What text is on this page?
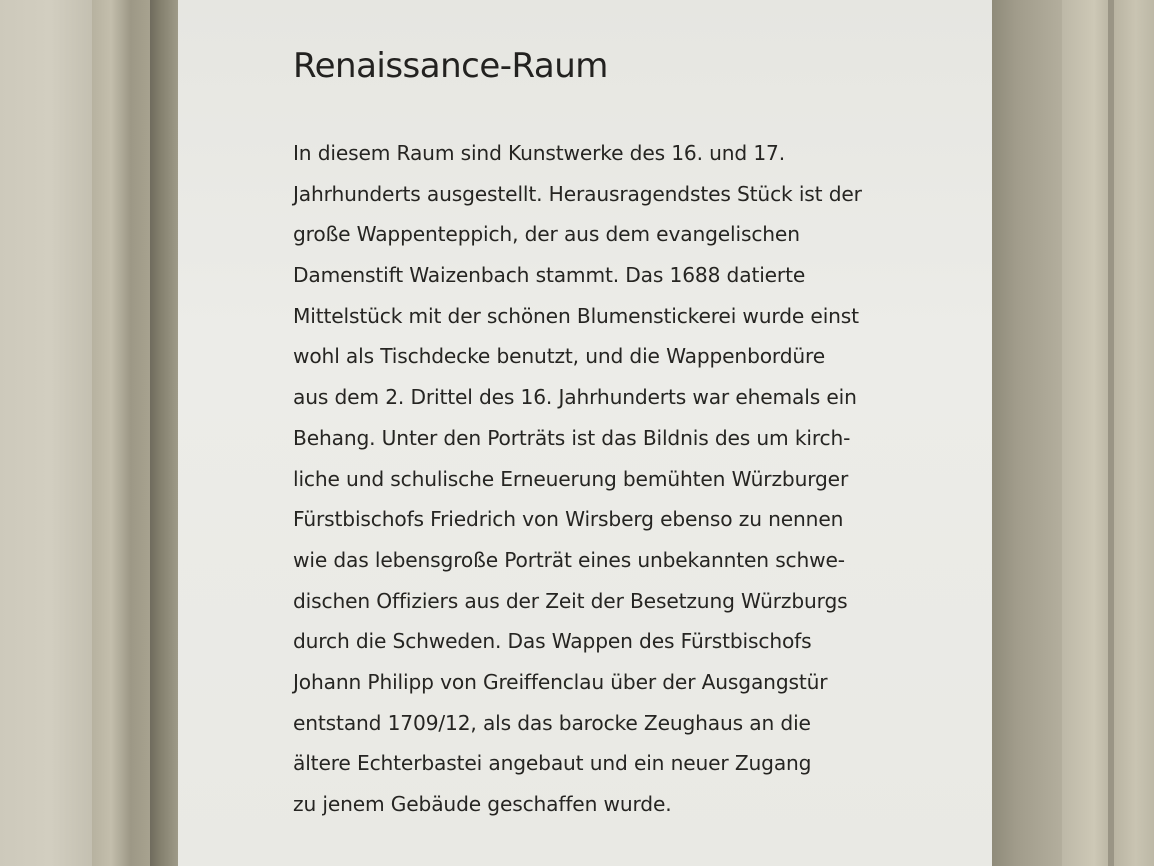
Renaissance-Raum
In diesem Raum sind Kunstwerke des 16. und 17.
Jahrhunderts ausgestellt. Herausragendstes Stück ist der
große Wappenteppich, der aus dem evangelischen
Damenstift Waizenbach stammt. Das 1688 datierte
Mittelstück mit der schönen Blumenstickerei wurde einst
wohl als Tischdecke benutzt, und die Wappenbordüre
aus dem 2. Drittel des 16. Jahrhunderts war ehemals ein
Behang. Unter den Porträts ist das Bildnis des um kirch-
liche und schulische Erneuerung bemühten Würzburger
Fürstbischofs Friedrich von Wirsberg ebenso zu nennen
wie das lebensgroße Porträt eines unbekannten schwe-
dischen Offiziers aus der Zeit der Besetzung Würzburgs
durch die Schweden. Das Wappen des Fürstbischofs
Johann Philipp von Greiffenclau über der Ausgangstür
entstand 1709/12, als das barocke Zeughaus an die
ältere Echterbastei angebaut und ein neuer Zugang
zu jenem Gebäude geschaffen wurde.
